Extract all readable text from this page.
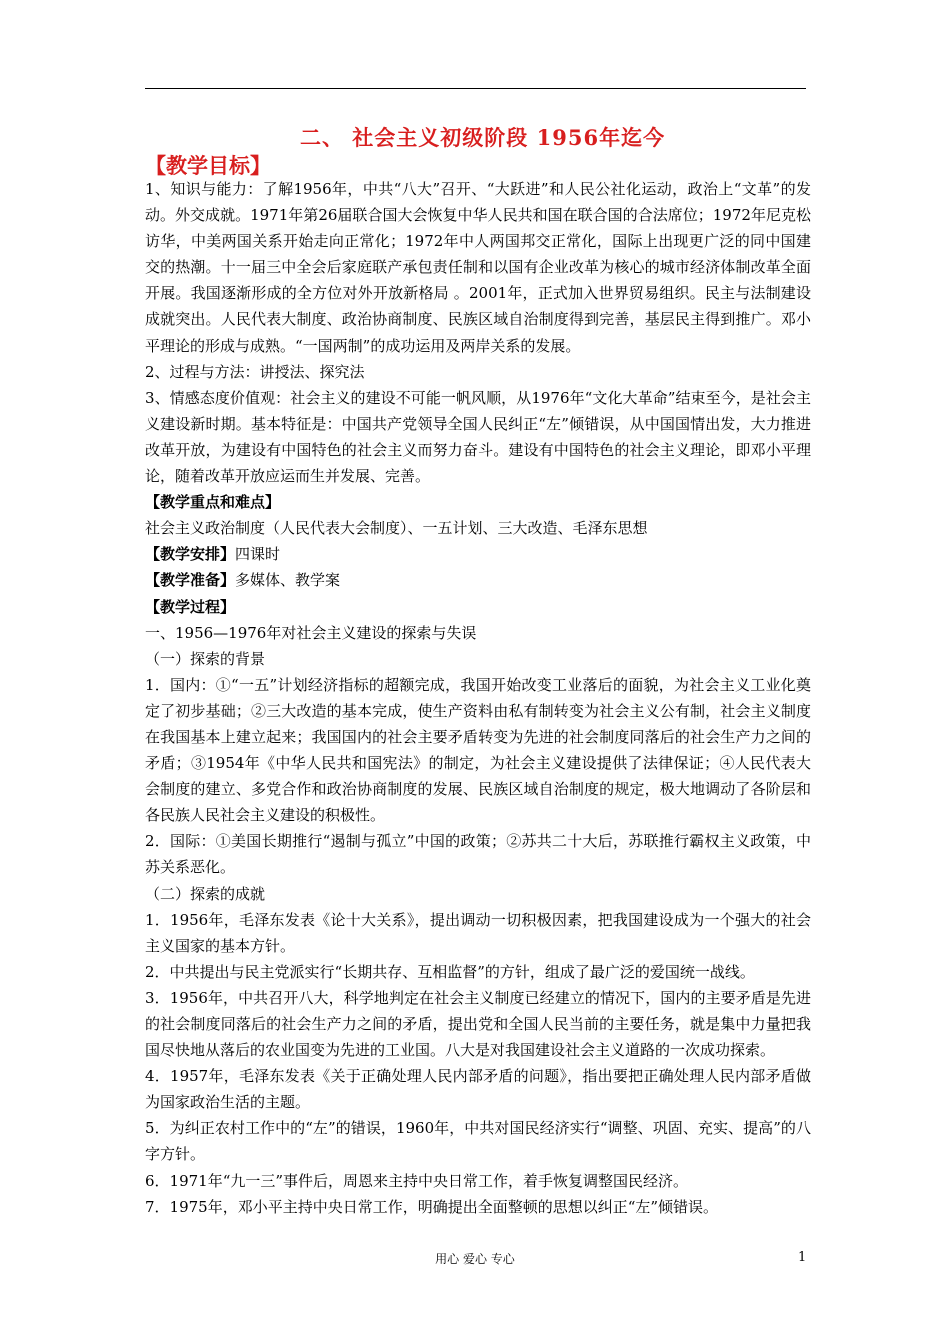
二、 社会主义初级阶段 1956年迄今
【教学目标】

1、知识与能力：了解1956年，中共“八大”召开、“大跃进”和人民公社化运动，政治上“文革”的发动。外交成就。1971年第26届联合国大会恢复中华人民共和国在联合国的合法席位；1972年尼克松访华，中美两国关系开始走向正常化；1972年中人两国邦交正常化，国际上出现更广泛的同中国建交的热潮。十一届三中全会后家庭联产承包责任制和以国有企业改革为核心的城市经济体制改革全面开展。我国逐渐形成的全方位对外开放新格局 。2001年，正式加入世界贸易组织。民主与法制建设成就突出。人民代表大制度、政治协商制度、民族区域自治制度得到完善，基层民主得到推广。邓小平理论的形成与成熟。“一国两制”的成功运用及两岸关系的发展。

2、过程与方法：讲授法、探究法

3、情感态度价值观：社会主义的建设不可能一帆风顺，从1976年“文化大革命”结束至今，是社会主义建设新时期。基本特征是：中国共产党领导全国人民纠正“左”倾错误，从中国国情出发，大力推进改革开放，为建设有中国特色的社会主义而努力奋斗。建设有中国特色的社会主义理论，即邓小平理论，随着改革开放应运而生并发展、完善。

【教学重点和难点】

社会主义政治制度（人民代表大会制度）、一五计划、三大改造、毛泽东思想

【教学安排】四课时

【教学准备】多媒体、教学案

【教学过程】

一、1956—1976年对社会主义建设的探索与失误

（一）探索的背景

1．国内：①“一五”计划经济指标的超额完成，我国开始改变工业落后的面貌，为社会主义工业化奠定了初步基础；②三大改造的基本完成，使生产资料由私有制转变为社会主义公有制，社会主义制度在我国基本上建立起来；我国国内的社会主要矛盾转变为先进的社会制度同落后的社会生产力之间的矛盾；③1954年《中华人民共和国宪法》的制定，为社会主义建设提供了法律保证；④人民代表大会制度的建立、多党合作和政治协商制度的发展、民族区域自治制度的规定，极大地调动了各阶层和各民族人民社会主义建设的积极性。

2．国际：①美国长期推行“遏制与孤立”中国的政策；②苏共二十大后，苏联推行霸权主义政策，中苏关系恶化。

（二）探索的成就

1．1956年，毛泽东发表《论十大关系》，提出调动一切积极因素，把我国建设成为一个强大的社会主义国家的基本方针。

2．中共提出与民主党派实行“长期共存、互相监督”的方针，组成了最广泛的爱国统一战线。

3．1956年，中共召开八大，科学地判定在社会主义制度已经建立的情况下，国内的主要矛盾是先进的社会制度同落后的社会生产力之间的矛盾，提出党和全国人民当前的主要任务，就是集中力量把我国尽快地从落后的农业国变为先进的工业国。八大是对我国建设社会主义道路的一次成功探索。

4．1957年，毛泽东发表《关于正确处理人民内部矛盾的问题》，指出要把正确处理人民内部矛盾做为国家政治生活的主题。

5．为纠正农村工作中的“左”的错误，1960年，中共对国民经济实行“调整、巩固、充实、提高”的八字方针。

6．1971年“九一三”事件后，周恩来主持中央日常工作，着手恢复调整国民经济。

7．1975年，邓小平主持中央日常工作，明确提出全面整顿的思想以纠正“左”倾错误。

用心 爱心 专心	1
